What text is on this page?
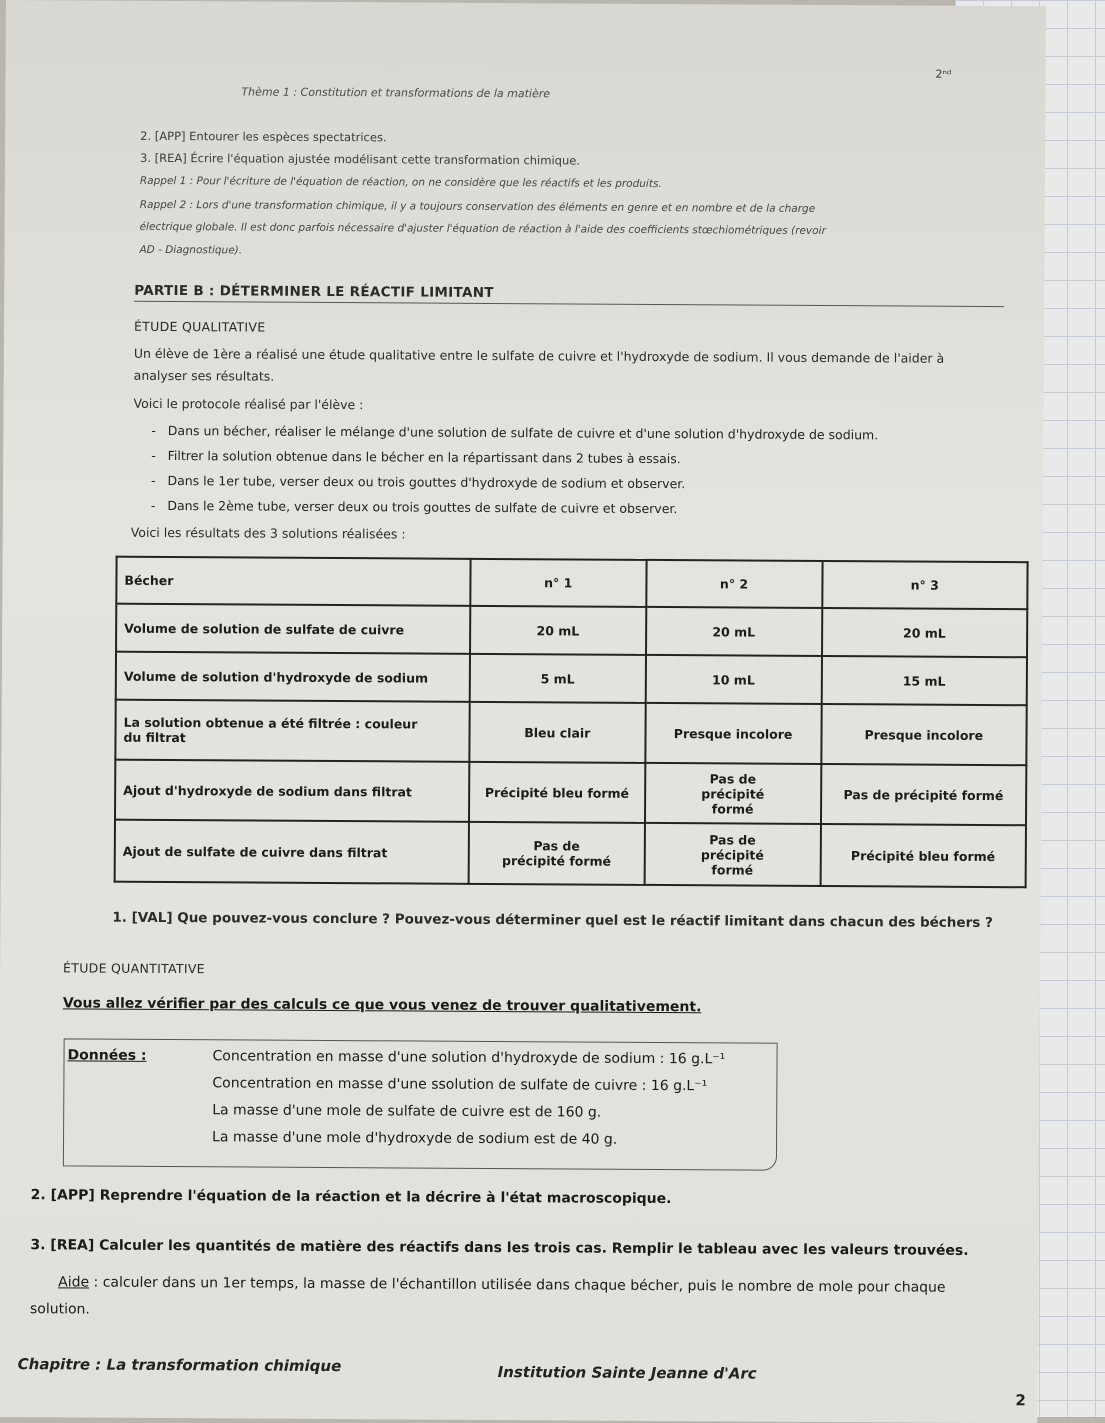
2ⁿᵈ
Thème 1 : Constitution et transformations de la matière
2. [APP] Entourer les espèces spectatrices.
3. [REA] Écrire l'équation ajustée modélisant cette transformation chimique.
Rappel 1 : Pour l'écriture de l'équation de réaction, on ne considère que les réactifs et les produits.
Rappel 2 : Lors d'une transformation chimique, il y a toujours conservation des éléments en genre et en nombre et de la charge
électrique globale. Il est donc parfois nécessaire d'ajuster l'équation de réaction à l'aide des coefficients stœchiométriques (revoir
AD - Diagnostique).
PARTIE B : DÉTERMINER LE RÉACTIF LIMITANT
ÉTUDE QUALITATIVE
Un élève de 1ère a réalisé une étude qualitative entre le sulfate de cuivre et l'hydroxyde de sodium. Il vous demande de l'aider à
analyser ses résultats.
Voici le protocole réalisé par l'élève :
-   Dans un bécher, réaliser le mélange d'une solution de sulfate de cuivre et d'une solution d'hydroxyde de sodium.
-   Filtrer la solution obtenue dans le bécher en la répartissant dans 2 tubes à essais.
-   Dans le 1er tube, verser deux ou trois gouttes d'hydroxyde de sodium et observer.
-   Dans le 2ème tube, verser deux ou trois gouttes de sulfate de cuivre et observer.
Voici les résultats des 3 solutions réalisées :
Bécher	n° 1	n° 2	n° 3
Volume de solution de sulfate de cuivre	20 mL	20 mL	20 mL
Volume de solution d'hydroxyde de sodium	5 mL	10 mL	15 mL
La solution obtenue a été filtrée : couleur du filtrat	Bleu clair	Presque incolore	Presque incolore
Ajout d'hydroxyde de sodium dans filtrat	Précipité bleu formé	Pas de précipité formé	Pas de précipité formé
Ajout de sulfate de cuivre dans filtrat	Pas de précipité formé	Pas de précipité formé	Précipité bleu formé
1. [VAL] Que pouvez-vous conclure ? Pouvez-vous déterminer quel est le réactif limitant dans chacun des béchers ?
ÉTUDE QUANTITATIVE
Vous allez vérifier par des calculs ce que vous venez de trouver qualitativement.
Données :	Concentration en masse d'une solution d'hydroxyde de sodium : 16 g.L⁻¹
Concentration en masse d'une ssolution de sulfate de cuivre : 16 g.L⁻¹
La masse d'une mole de sulfate de cuivre est de 160 g.
La masse d'une mole d'hydroxyde de sodium est de 40 g.
2. [APP] Reprendre l'équation de la réaction et la décrire à l'état macroscopique.
3. [REA] Calculer les quantités de matière des réactifs dans les trois cas. Remplir le tableau avec les valeurs trouvées.
Aide : calculer dans un 1er temps, la masse de l'échantillon utilisée dans chaque bécher, puis le nombre de mole pour chaque
solution.
Chapitre : La transformation chimique	Institution Sainte Jeanne d'Arc
2
